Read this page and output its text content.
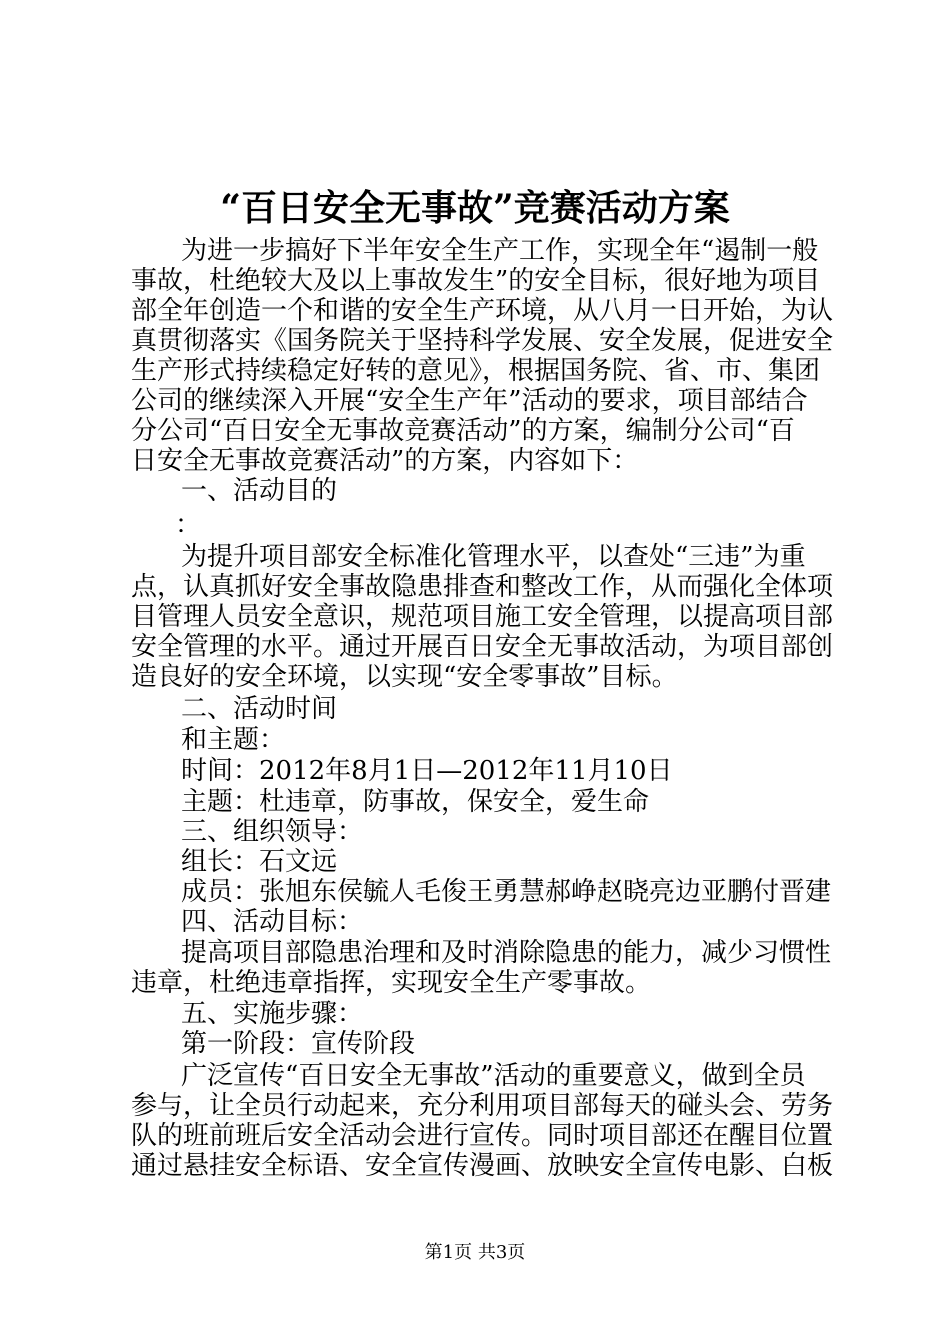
“百日安全无事故”竞赛活动方案
为进一步搞好下半年安全生产工作，实现全年“遏制一般
事故，杜绝较大及以上事故发生”的安全目标，很好地为项目
部全年创造一个和谐的安全生产环境，从八月一日开始，为认
真贯彻落实《国务院关于坚持科学发展、安全发展，促进安全
生产形式持续稳定好转的意见》，根据国务院、省、市、集团
公司的继续深入开展“安全生产年”活动的要求，项目部结合
分公司“百日安全无事故竞赛活动”的方案，编制分公司“百
日安全无事故竞赛活动”的方案，内容如下：
一、活动目的
：
为提升项目部安全标准化管理水平，以查处“三违”为重
点，认真抓好安全事故隐患排查和整改工作，从而强化全体项
目管理人员安全意识，规范项目施工安全管理，以提高项目部
安全管理的水平。通过开展百日安全无事故活动，为项目部创
造良好的安全环境，以实现“安全零事故”目标。
二、活动时间
和主题：
时间：2012年8月1日—2012年11月10日
主题：杜违章，防事故，保安全，爱生命
三、组织领导：
组长：石文远
成员：张旭东侯毓人毛俊王勇慧郝峥赵晓亮边亚鹏付晋建
四、活动目标：
提高项目部隐患治理和及时消除隐患的能力，减少习惯性
违章，杜绝违章指挥，实现安全生产零事故。
五、实施步骤：
第一阶段：宣传阶段
广泛宣传“百日安全无事故”活动的重要意义，做到全员
参与，让全员行动起来，充分利用项目部每天的碰头会、劳务
队的班前班后安全活动会进行宣传。同时项目部还在醒目位置
通过悬挂安全标语、安全宣传漫画、放映安全宣传电影、白板
第1页 共3页
